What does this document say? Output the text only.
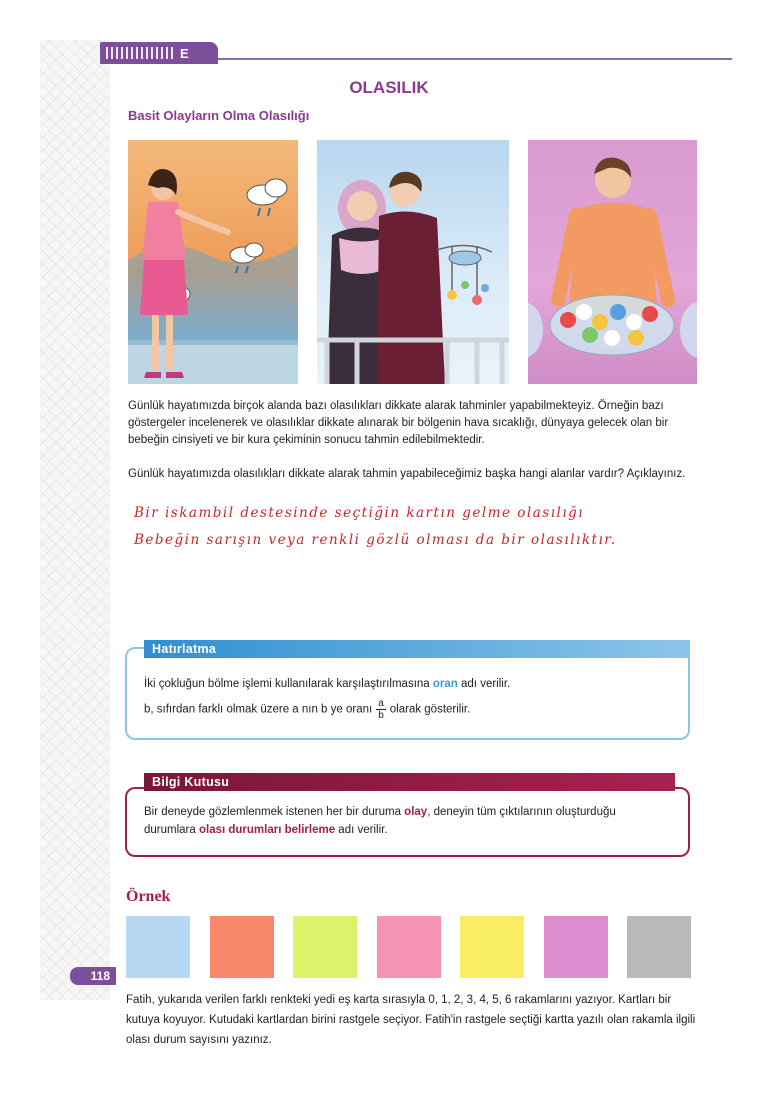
E
OLASILIK
Basit Olayların Olma Olasılığı
Günlük hayatımızda birçok alanda bazı olasılıkları dikkate alarak tahminler yapabilmekteyiz. Örneğin bazı göstergeler incelenerek ve olasılıklar dikkate alınarak bir bölgenin hava sıcaklığı, dünyaya gelecek olan bir bebeğin cinsiyeti ve bir kura çekiminin sonucu tahmin edilebilmektedir.
Günlük hayatımızda olasılıkları dikkate alarak tahmin yapabileceğimiz başka hangi alanlar vardır? Açıklayınız.
Bir iskambil destesinde seçtiğin kartın gelme olasılığı
Bebeğin sarışın veya renkli gözlü olması da bir olasılıktır.
Hatırlatma
İki çokluğun bölme işlemi kullanılarak karşılaştırılmasına oran adı verilir.
b, sıfırdan farklı olmak üzere a nın b ye oranı $\frac{a}{b}$ olarak gösterilir.
Bilgi Kutusu
Bir deneyde gözlemlenmek istenen her bir duruma olay, deneyin tüm çıktılarının oluşturduğu
durumlara olası durumları belirleme adı verilir.
Örnek
118
Fatih, yukarıda verilen farklı renkteki yedi eş karta sırasıyla 0, 1, 2, 3, 4, 5, 6 rakamlarını yazıyor. Kartları bir kutuya koyuyor. Kutudaki kartlardan birini rastgele seçiyor. Fatih'in rastgele seçtiği kartta yazılı olan rakamla ilgili olası durum sayısını yazınız.
